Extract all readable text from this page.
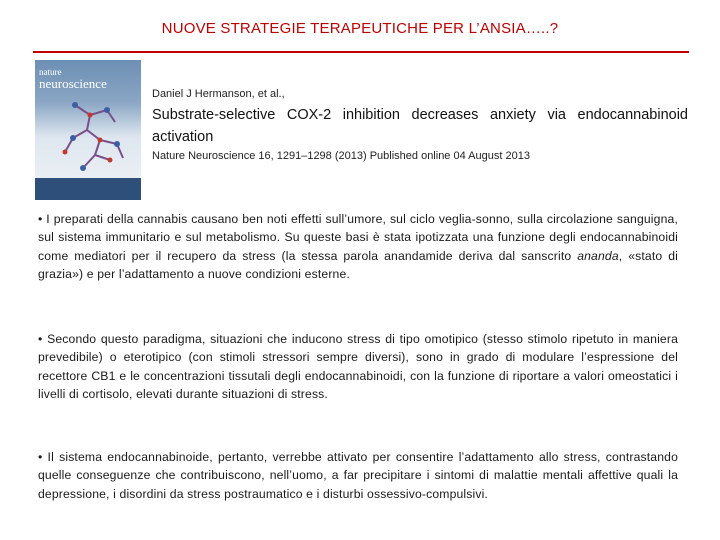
NUOVE STRATEGIE TERAPEUTICHE PER L’ANSIA…..?
nature
neuroscience
Daniel J Hermanson, et al.,
Substrate-selective COX-2 inhibition decreases anxiety via endocannabinoid activation
Nature Neuroscience 16, 1291–1298 (2013) Published online 04 August 2013
• I preparati della cannabis causano ben noti effetti sull’umore, sul ciclo veglia-sonno, sulla circolazione sanguigna, sul sistema immunitario e sul metabolismo. Su queste basi è stata ipotizzata una funzione degli endocannabinoidi come mediatori per il recupero da stress (la stessa parola anandamide deriva dal sanscrito ananda, «stato di grazia») e per l’adattamento a nuove condizioni esterne.
• Secondo questo paradigma, situazioni che inducono stress di tipo omotipico (stesso stimolo ripetuto in maniera prevedibile) o eterotipico (con stimoli stressori sempre diversi), sono in grado di modulare l’espressione del recettore CB1 e le concentrazioni tissutali degli endocannabinoidi, con la funzione di riportare a valori omeostatici i livelli di cortisolo, elevati durante situazioni di stress.
• Il sistema endocannabinoide, pertanto, verrebbe attivato per consentire l’adattamento allo stress, contrastando quelle conseguenze che contribuiscono, nell’uomo, a far precipitare i sintomi di malattie mentali affettive quali la depressione, i disordini da stress postraumatico e i disturbi ossessivo-compulsivi.
